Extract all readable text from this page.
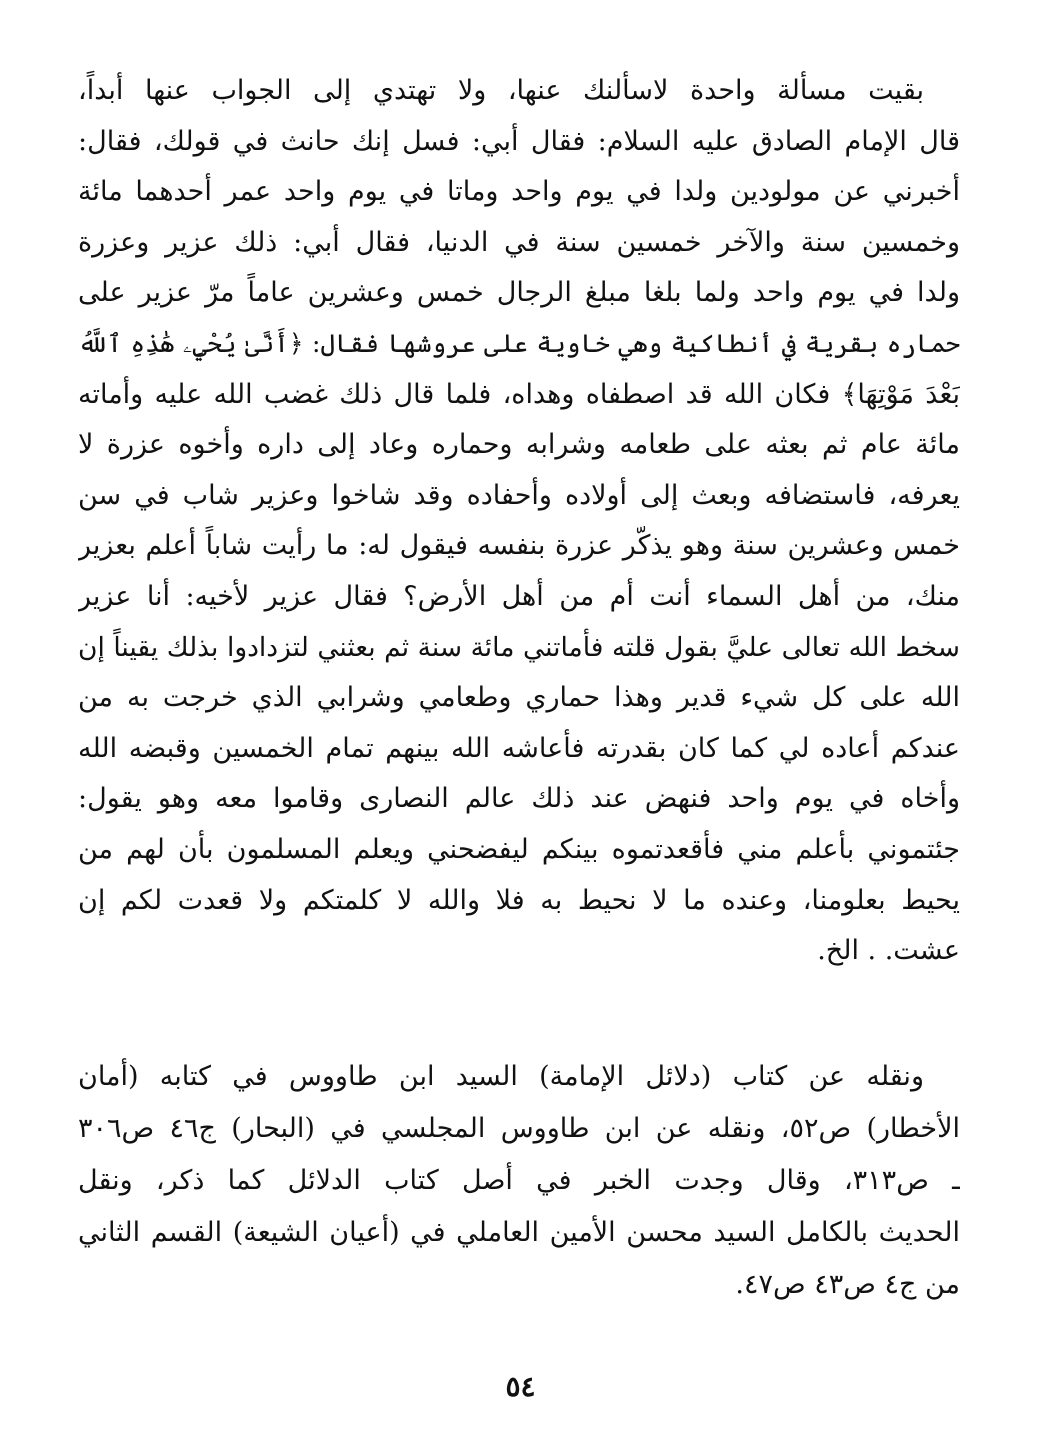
بقيت مسألة واحدة لاسألنك عنها، ولا تهتدي إلى الجواب عنها أبداً،
قال الإمام الصادق عليه السلام: فقال أبي: فسل إنك حانث في قولك، فقال:
أخبرني عن مولودين ولدا في يوم واحد وماتا في يوم واحد عمر أحدهما مائة
وخمسين سنة والآخر خمسين سنة في الدنيا، فقال أبي: ذلك عزير وعزرة
ولدا في يوم واحد ولما بلغا مبلغ الرجال خمس وعشرين عاماً مرّ عزير على
حماره بقرية في أنطاكية وهي خاوية على عروشها فقال: ﴿أَنَّىٰ يُحْيِۦ هَٰذِهِ ٱللَّهُ
بَعْدَ مَوْتِهَا﴾ فكان الله قد اصطفاه وهداه، فلما قال ذلك غضب الله عليه وأماته
مائة عام ثم بعثه على طعامه وشرابه وحماره وعاد إلى داره وأخوه عزرة لا
يعرفه، فاستضافه وبعث إلى أولاده وأحفاده وقد شاخوا وعزير شاب في سن
خمس وعشرين سنة وهو يذكّر عزرة بنفسه فيقول له: ما رأيت شاباً أعلم بعزير
منك، من أهل السماء أنت أم من أهل الأرض؟ فقال عزير لأخيه: أنا عزير
سخط الله تعالى عليَّ بقول قلته فأماتني مائة سنة ثم بعثني لتزدادوا بذلك يقيناً إن
الله على كل شيء قدير وهذا حماري وطعامي وشرابي الذي خرجت به من
عندكم أعاده لي كما كان بقدرته فأعاشه الله بينهم تمام الخمسين وقبضه الله
وأخاه في يوم واحد فنهض عند ذلك عالم النصارى وقاموا معه وهو يقول:
جئتموني بأعلم مني فأقعدتموه بينكم ليفضحني ويعلم المسلمون بأن لهم من
يحيط بعلومنا، وعنده ما لا نحيط به فلا والله لا كلمتكم ولا قعدت لكم إن
عشت. . الخ.
ونقله عن كتاب (دلائل الإمامة) السيد ابن طاووس في كتابه (أمان
الأخطار) ص٥٢، ونقله عن ابن طاووس المجلسي في (البحار) ج٤٦ ص٣٠٦
ـ ص٣١٣، وقال وجدت الخبر في أصل كتاب الدلائل كما ذكر، ونقل
الحديث بالكامل السيد محسن الأمين العاملي في (أعيان الشيعة) القسم الثاني
من ج٤ ص٤٣ ص٤٧.
٥٤
